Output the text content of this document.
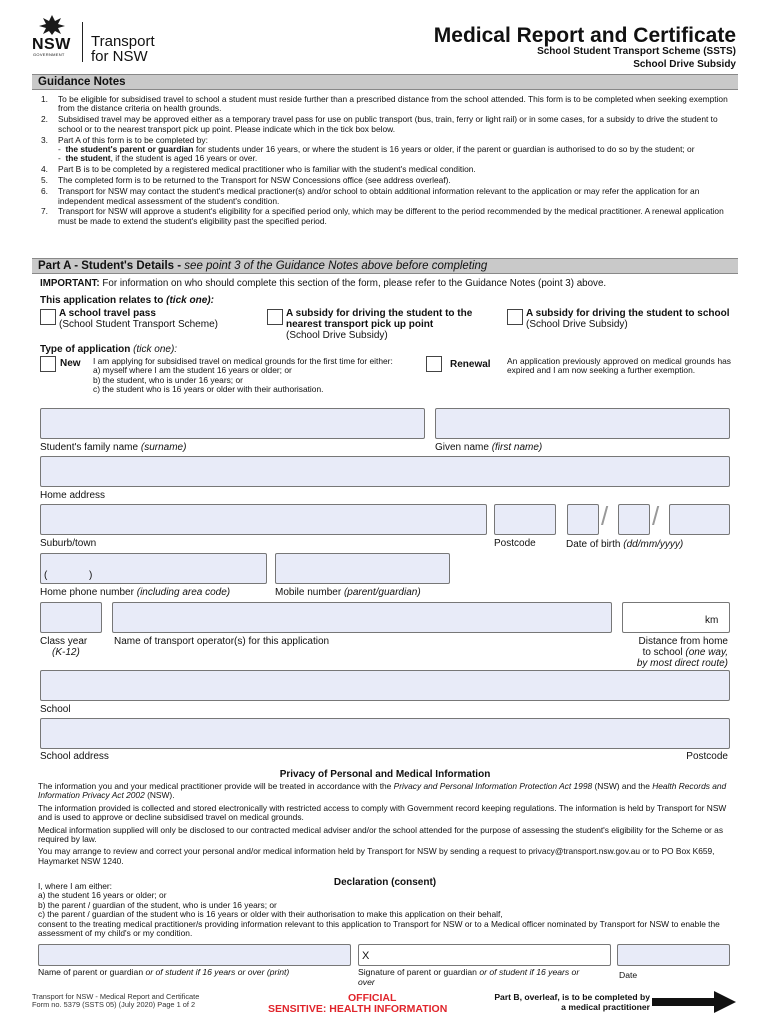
NSW
GOVERNMENT
Transport
for NSW
Medical Report and Certificate
School Student Transport Scheme (SSTS)
School Drive Subsidy
Guidance Notes
1. To be eligible for subsidised travel to school a student must reside further than a prescribed distance from the school attended. This form is to be completed when seeking exemption from the distance criteria on health grounds.
2. Subsidised travel may be approved either as a temporary travel pass for use on public transport (bus, train, ferry or light rail) or in some cases, for a subsidy to drive the student to school or to the nearest transport pick up point. Please indicate which in the tick box below.
3. Part A of this form is to be completed by:
- the student's parent or guardian for students under 16 years, or where the student is 16 years or older, if the parent or guardian is authorised to do so by the student; or
- the student, if the student is aged 16 years or over.
4. Part B is to be completed by a registered medical practitioner who is familiar with the student's medical condition.
5. The completed form is to be returned to the Transport for NSW Concessions office (see address overleaf).
6. Transport for NSW may contact the student's medical practioner(s) and/or school to obtain additional information relevant to the application or may refer the application for an independent medical assessment of the student's condition.
7. Transport for NSW will approve a student's eligibility for a specified period only, which may be different to the period recommended by the medical practitioner. A renewal application must be made to extend the student's eligibility past the specified period.
Part A - Student's Details - see point 3 of the Guidance Notes above before completing
IMPORTANT: For information on who should complete this section of the form, please refer to the Guidance Notes (point 3) above.
This application relates to (tick one):
A school travel pass
(School Student Transport Scheme)
A subsidy for driving the student to the nearest transport pick up point
(School Drive Subsidy)
A subsidy for driving the student to school
(School Drive Subsidy)
Type of application (tick one):
New I am applying for subsidised travel on medical grounds for the first time for either:
a) myself where I am the student 16 years or older; or
b) the student, who is under 16 years; or
c) the student who is 16 years or older with their authorisation.
Renewal An application previously approved on medical grounds has expired and I am now seeking a further exemption.
Student's family name (surname)	Given name (first name)
Home address
/ /
Suburb/town	Postcode	Date of birth (dd/mm/yyyy)
(	)
Home phone number (including area code)	Mobile number (parent/guardian)
km
Class year
(K-12)
Name of transport operator(s) for this application	Distance from home
to school (one way,
by most direct route)
School
School address	Postcode
Privacy of Personal and Medical Information

The information you and your medical practitioner provide will be treated in accordance with the Privacy and Personal Information Protection Act 1998 (NSW) and the Health Records and Information Privacy Act 2002 (NSW).

The information provided is collected and stored electronically with restricted access to comply with Government record keeping regulations. The information is held by Transport for NSW and is used to approve or decline subsidised travel on medical grounds.

Medical information supplied will only be disclosed to our contracted medical adviser and/or the school attended for the purpose of assessing the student's eligibility for the Scheme or as required by law.

You may arrange to review and correct your personal and/or medical information held by Transport for NSW by sending a request to privacy@transport.nsw.gov.au or to PO Box K659, Haymarket NSW 1240.

Declaration (consent)

I, where I am either:

a) the student 16 years or older; or

b) the parent / guardian of the student, who is under 16 years; or

c) the parent / guardian of the student who is 16 years or older with their authorisation to make this application on their behalf,

consent to the treating medical practitioner/s providing information relevant to this application to Transport for NSW or to a Medical officer nominated by Transport for NSW to enable the assessment of my child's or my condition.

X
Name of parent or guardian or of student if 16 years or over (print)	Signature of parent or guardian or of student if 16 years or over
Date
Transport for NSW - Medical Report and Certificate
Form no. 5379 (SSTS 05) (July 2020) Page 1 of 2
OFFICIAL
SENSITIVE: HEALTH INFORMATION
Part B, overleaf, is to be completed by
a medical practitioner
